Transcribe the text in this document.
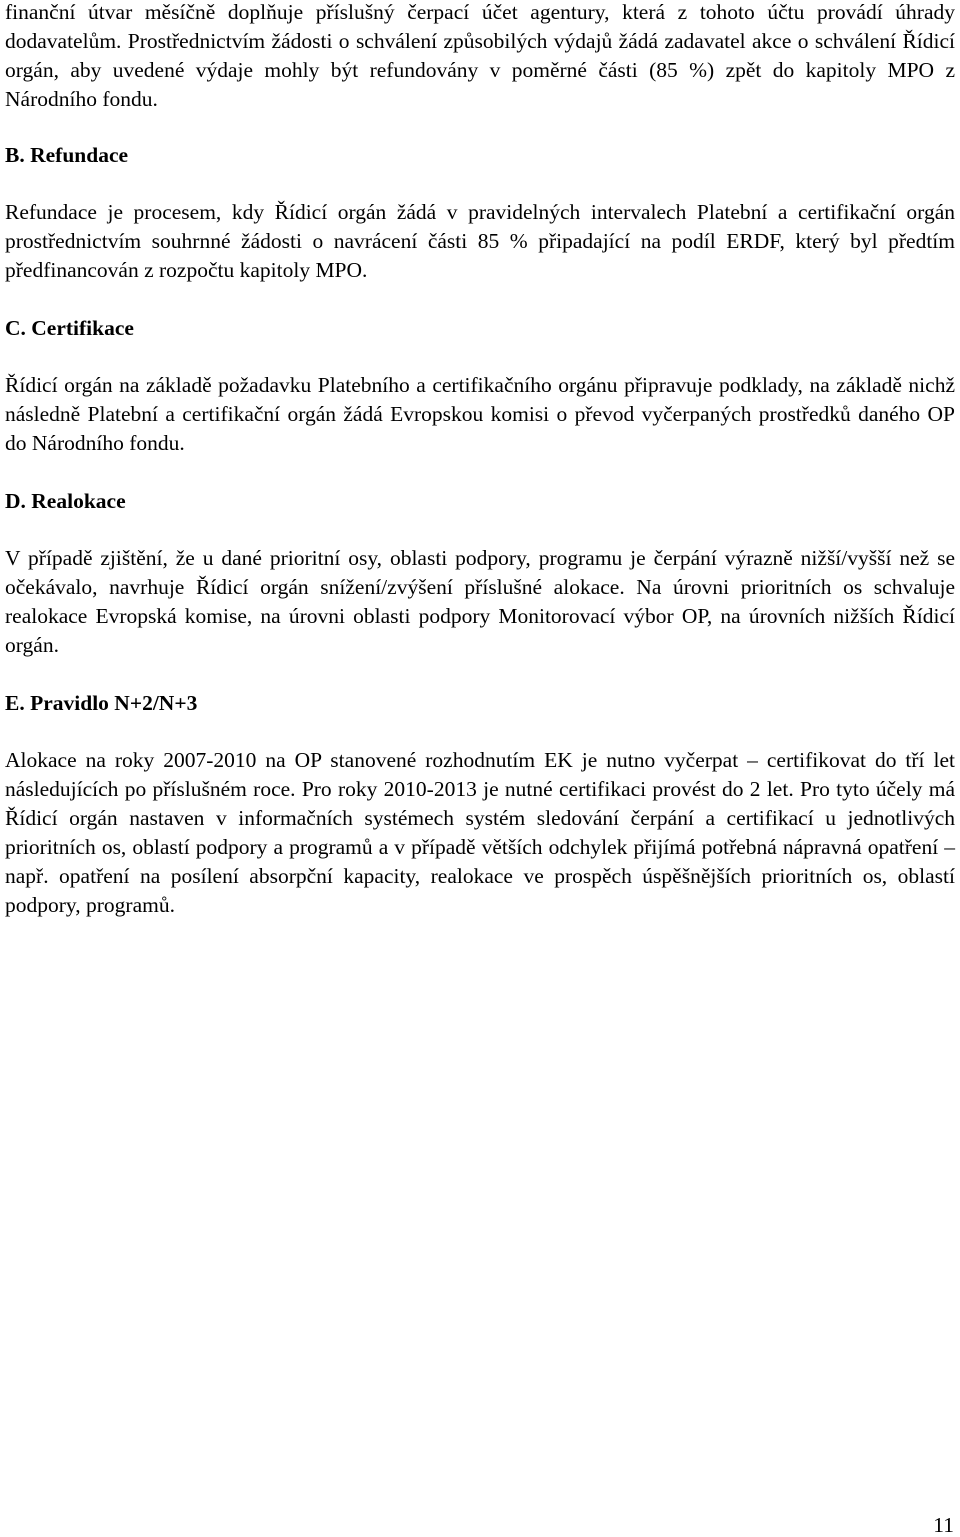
finanční útvar měsíčně doplňuje příslušný čerpací účet agentury, která z tohoto účtu provádí úhrady dodavatelům. Prostřednictvím žádosti o schválení způsobilých výdajů žádá zadavatel akce o schválení Řídicí orgán, aby uvedené výdaje mohly být refundovány v poměrné části (85 %) zpět do kapitoly MPO z Národního fondu.

B. Refundace

Refundace je procesem, kdy Řídicí orgán žádá v pravidelných intervalech Platební a certifikační orgán prostřednictvím souhrnné žádosti o navrácení části 85 % připadající na podíl ERDF, který byl předtím předfinancován z rozpočtu kapitoly MPO.

C. Certifikace

Řídicí orgán na základě požadavku Platebního a certifikačního orgánu připravuje podklady, na základě nichž následně Platební a certifikační orgán žádá Evropskou komisi o převod vyčerpaných prostředků daného OP do Národního fondu.

D. Realokace

V případě zjištění, že u dané prioritní osy, oblasti podpory, programu je čerpání výrazně nižší/vyšší než se očekávalo, navrhuje Řídicí orgán snížení/zvýšení příslušné alokace. Na úrovni prioritních os schvaluje realokace Evropská komise, na úrovni oblasti podpory Monitorovací výbor OP, na úrovních nižších Řídicí orgán.

E. Pravidlo N+2/N+3

Alokace na roky 2007-2010 na OP stanovené rozhodnutím EK je nutno vyčerpat – certifikovat do tří let následujících po příslušném roce. Pro roky 2010-2013 je nutné certifikaci provést do 2 let. Pro tyto účely má Řídicí orgán nastaven v informačních systémech systém sledování čerpání a certifikací u jednotlivých prioritních os, oblastí podpory a programů a v případě větších odchylek přijímá potřebná nápravná opatření – např. opatření na posílení absorpční kapacity, realokace ve prospěch úspěšnějších prioritních os, oblastí podpory, programů.

11
